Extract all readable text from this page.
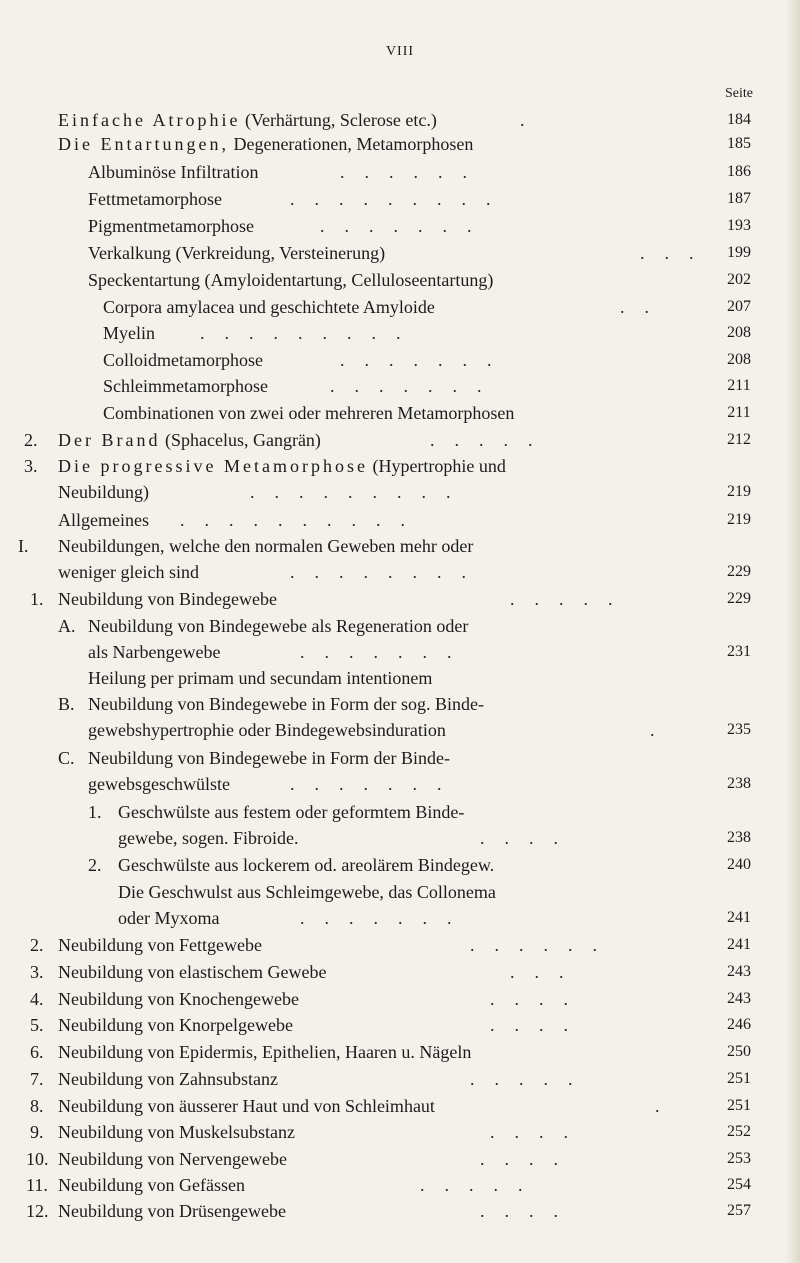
VIII
Seite
Einfache Atrophie (Verhärtung, Sclerose etc.)	.	184
Die Entartungen, Degenerationen, Metamorphosen	185
Albuminöse Infiltration	......	186
Fettmetamorphose	.........	187
Pigmentmetamorphose	.......	193
Verkalkung (Verkreidung, Versteinerung)	... 199
Speckentartung (Amyloidentartung, Celluloseentartung)	202
Corpora amylacea und geschichtete Amyloide	..	207
Myelin	.........	208
Colloidmetamorphose	.......	208
Schleimmetamorphose	.......	211
Combinationen von zwei oder mehreren Metamorphosen	211
2. Der Brand (Sphacelus, Gangrän)	.....	212
3. Die progressive Metamorphose (Hypertrophie und
Neubildung)	.........	219
Allgemeines ..........	219
I. Neubildungen, welche den normalen Geweben mehr oder
weniger gleich sind	........	229
1. Neubildung von Bindegewebe	.....	229
A. Neubildung von Bindegewebe als Regeneration oder
als Narbengewebe	.......	231
Heilung per primam und secundam intentionem
B. Neubildung von Bindegewebe in Form der sog. Binde-
gewebshypertrophie oder Bindegewebsinduration	.	235
C. Neubildung von Bindegewebe in Form der Binde-
gewebsgeschwülste	.......	238
1. Geschwülste aus festem oder geformtem Binde-
gewebe, sogen. Fibroide.	....	238
2. Geschwülste aus lockerem od. areolärem Bindegew.	240
Die Geschwulst aus Schleimgewebe, das Collonema
oder Myxoma	.......	241
2. Neubildung von Fettgewebe	......	241
3. Neubildung von elastischem Gewebe	...	243
4. Neubildung von Knochengewebe	....	243
5. Neubildung von Knorpelgewebe	....	246
6. Neubildung von Epidermis, Epithelien, Haaren u. Nägeln	250
7. Neubildung von Zahnsubstanz	.....	251
8. Neubildung von äusserer Haut und von Schleimhaut	.	251
9. Neubildung von Muskelsubstanz	....	252
10. Neubildung von Nervengewebe	....	253
11. Neubildung von Gefässen	.....	254
12. Neubildung von Drüsengewebe	....	257
